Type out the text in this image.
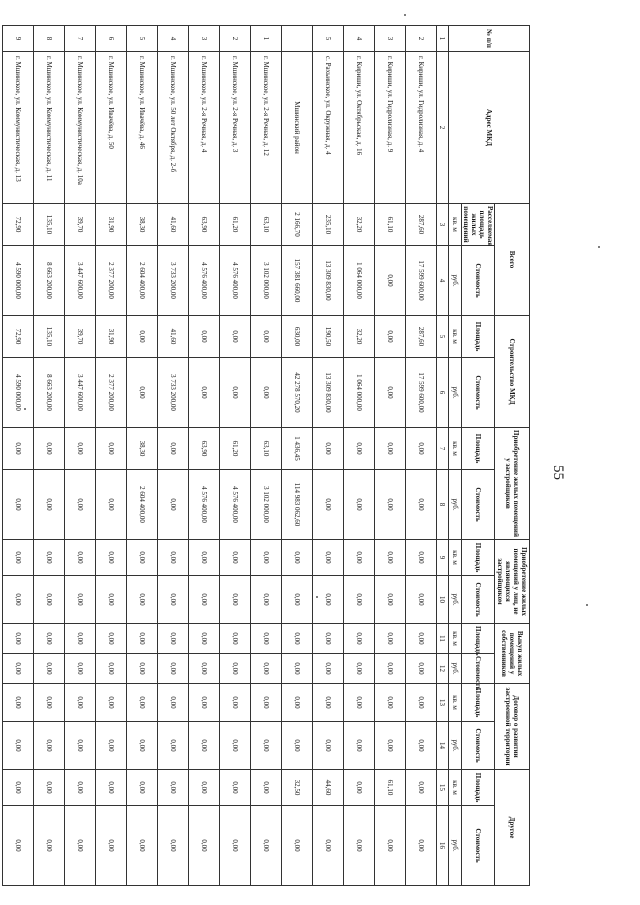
55
№ п/п	Адрес МКД	Всего		Строительство МКД		Приобретение жилых помещений у застройщиков		Приобретение жилых помещений у лиц, не являющихся застройщиком		Выкуп жилых помещений у собственников		Договор о развитии застроенной территории		Другое	
		Расселяемая площадь жилых помещений	Стоимость	Площадь	Стоимость	Площадь	Стоимость	Площадь	Стоимость	Площадь	Стоимость	Площадь	Стоимость	Площадь	Стоимость
		кв. м	руб.	кв. м	руб.	кв. м	руб.	кв. м	руб.	кв. м	руб.	кв. м	руб.	кв. м	руб.
1	2	3	4	5	6	7	8	9	10	11	12	13	14	15	16
2	г. Кириши, ул. Гидролизная, д. 4	287,60	17 599 600,00	287,60	17 599 600,00	0,00	0,00	0,00	0,00	0,00	0,00	0,00	0,00	0,00	0,00
3	г. Кириши, ул. Гидролизная, д. 9	61,10	0,00	0,00	0,00	0,00	0,00	0,00	0,00	0,00	0,00	0,00	0,00	61,10	0,00
4	г. Кириши, ул. Октябрьская, д. 16	32,20	1 064 000,00	32,20	1 064 000,00	0,00	0,00	0,00	0,00	0,00	0,00	0,00	0,00	0,00	0,00
5	с. Рахьинское, ул. Окружная, д. 4	235,10	13 309 830,00	190,50	13 309 830,00	0,00	0,00	0,00	0,00	0,00	0,00	0,00	0,00	44,60	0,00
	Мшинский район	2 166,70	157 381 660,00	630,00	42 278 570,20	1 436,45	114 983 062,60	0,00	0,00	0,00	0,00	0,00	0,00	32,50	0,00
1	г. Мшинское, ул. 2-я Речная, д. 12	63,10	3 102 000,00	0,00	0,00	63,10	3 102 000,00	0,00	0,00	0,00	0,00	0,00	0,00	0,00	0,00
2	г. Мшинское, ул. 2-я Речная, д. 3	61,20	4 576 400,00	0,00	0,00	61,20	4 576 400,00	0,00	0,00	0,00	0,00	0,00	0,00	0,00	0,00
3	г. Мшинское, ул. 2-я Речная, д. 4	63,90	4 576 400,00	0,00	0,00	63,90	4 576 400,00	0,00	0,00	0,00	0,00	0,00	0,00	0,00	0,00
4	г. Мшинское, ул. 50 лет Октября, д. 2-б	41,60	3 733 200,00	41,60	3 733 200,00	0,00	0,00	0,00	0,00	0,00	0,00	0,00	0,00	0,00	0,00
5	г. Мшинское, ул. Ивачёва, д. 46	38,30	2 604 400,00	0,00	0,00	38,30	2 604 400,00	0,00	0,00	0,00	0,00	0,00	0,00	0,00	0,00
6	г. Мшинское, ул. Ивачёва, д. 50	31,90	2 377 200,00	31,90	2 377 200,00	0,00	0,00	0,00	0,00	0,00	0,00	0,00	0,00	0,00	0,00
7	г. Мшинское, ул. Коммунистическая, д. 10а	39,70	3 447 600,00	39,70	3 447 600,00	0,00	0,00	0,00	0,00	0,00	0,00	0,00	0,00	0,00	0,00
8	г. Мшинское, ул. Коммунистическая, д. 11	135,10	8 663 200,00	135,10	8 663 200,00	0,00	0,00	0,00	0,00	0,00	0,00	0,00	0,00	0,00	0,00
9	г. Мшинское, ул. Коммунистическая, д. 13	72,90	4 590 000,00	72,90	4 590 000,00	0,00	0,00	0,00	0,00	0,00	0,00	0,00	0,00	0,00	0,00
